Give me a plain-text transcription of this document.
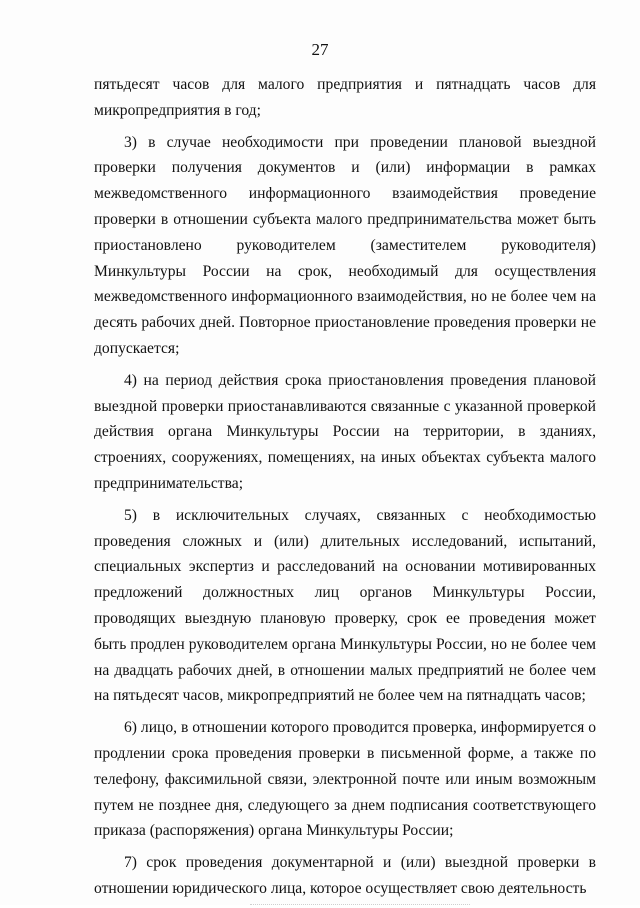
27

пятьдесят часов для малого предприятия и пятнадцать часов для микропредприятия в год;

3) в случае необходимости при проведении плановой выездной проверки получения документов и (или) информации в рамках межведомственного информационного взаимодействия проведение проверки в отношении субъекта малого предпринимательства может быть приостановлено руководителем (заместителем руководителя) Минкультуры России на срок, необходимый для осуществления межведомственного информационного взаимодействия, но не более чем на десять рабочих дней. Повторное приостановление проведения проверки не допускается;

4) на период действия срока приостановления проведения плановой выездной проверки приостанавливаются связанные с указанной проверкой действия органа Минкультуры России на территории, в зданиях, строениях, сооружениях, помещениях, на иных объектах субъекта малого предпринимательства;

5) в исключительных случаях, связанных с необходимостью проведения сложных и (или) длительных исследований, испытаний, специальных экспертиз и расследований на основании мотивированных предложений должностных лиц органов Минкультуры России, проводящих выездную плановую проверку, срок ее проведения может быть продлен руководителем органа Минкультуры России, но не более чем на двадцать рабочих дней, в отношении малых предприятий не более чем на пятьдесят часов, микропредприятий не более чем на пятнадцать часов;

6) лицо, в отношении которого проводится проверка, информируется о продлении срока проведения проверки в письменной форме, а также по телефону, факсимильной связи, электронной почте или иным возможным путем не позднее дня, следующего за днем подписания соответствующего приказа (распоряжения) органа Минкультуры России;

7) срок проведения документарной и (или) выездной проверки в отношении юридического лица, которое осуществляет свою деятельность
